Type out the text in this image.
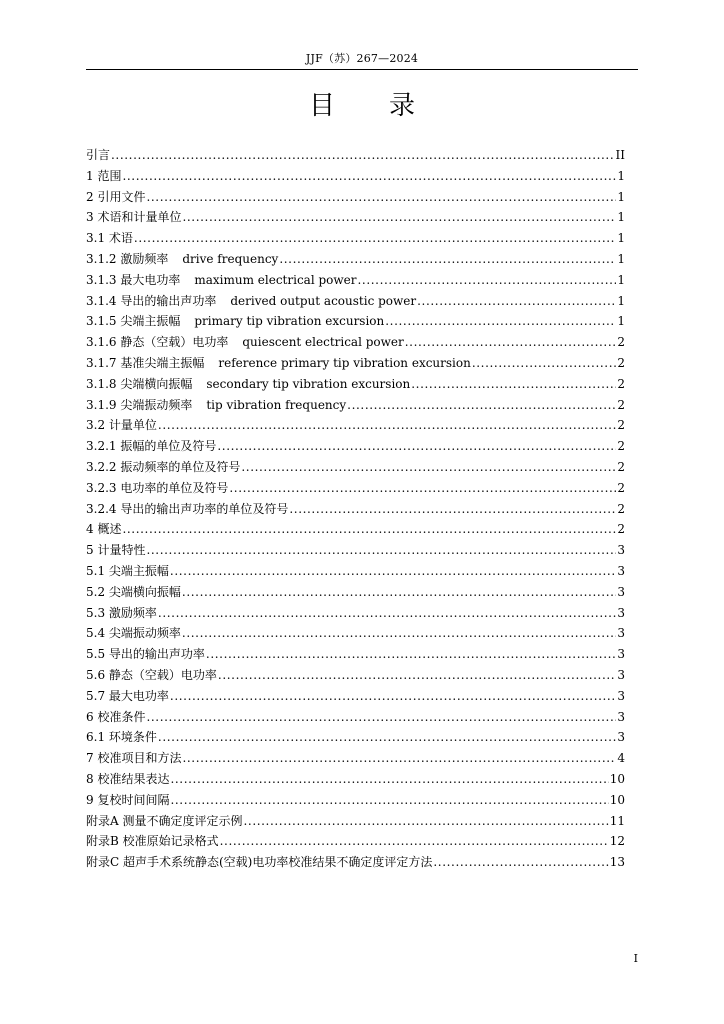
JJF（苏）267—2024
目 录
引言 .....	II
1 范围 .....	1
2 引用文件 .....	1
3 术语和计量单位 .....	1
3.1 术语 .....	1
3.1.2 激励频率 drive frequency .....	1
3.1.3 最大电功率 maximum electrical power .....	1
3.1.4 导出的输出声功率 derived output acoustic power .....	1
3.1.5 尖端主振幅 primary tip vibration excursion .....	1
3.1.6 静态（空载）电功率 quiescent electrical power .....	2
3.1.7 基准尖端主振幅 reference primary tip vibration excursion .....	2
3.1.8 尖端横向振幅 secondary tip vibration excursion .....	2
3.1.9 尖端振动频率 tip vibration frequency .....	2
3.2 计量单位 .....	2
3.2.1 振幅的单位及符号 .....	2
3.2.2 振动频率的单位及符号 .....	2
3.2.3 电功率的单位及符号 .....	2
3.2.4 导出的输出声功率的单位及符号 .....	2
4 概述 .....	2
5 计量特性 .....	3
5.1 尖端主振幅 .....	3
5.2 尖端横向振幅 .....	3
5.3 激励频率 .....	3
5.4 尖端振动频率 .....	3
5.5 导出的输出声功率 .....	3
5.6 静态（空载）电功率 .....	3
5.7 最大电功率 .....	3
6 校准条件 .....	3
6.1 环境条件 .....	3
7 校准项目和方法 .....	4
8 校准结果表达 .....	10
9 复校时间间隔 .....	10
附录A 测量不确定度评定示例 .....	11
附录B 校准原始记录格式 .....	12
附录C 超声手术系统静态(空载)电功率校准结果不确定度评定方法 .....	13
I
